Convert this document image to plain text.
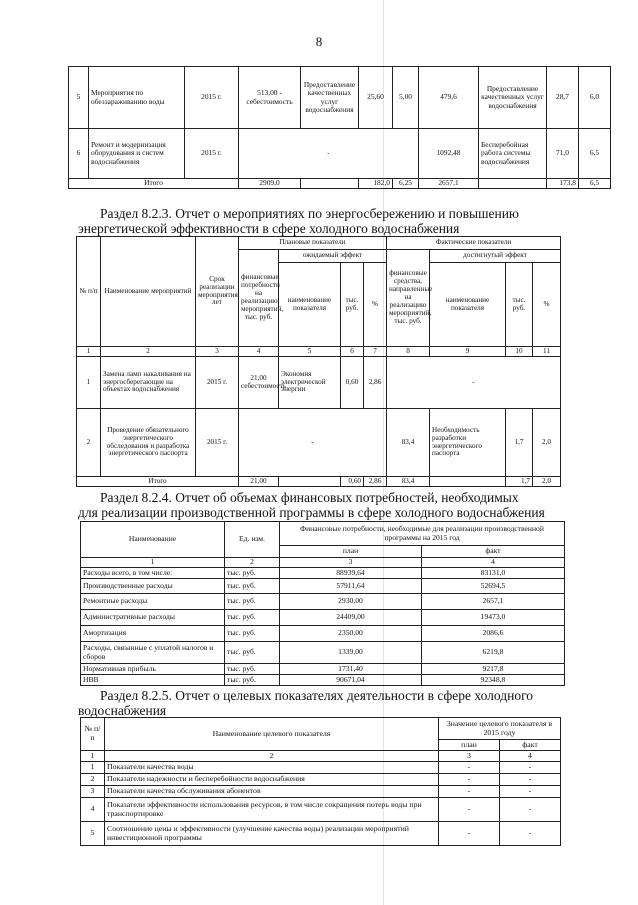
8
5	Мероприятия по обеззараживанию воды	2015 г.	513,00 - себестоимость	Предоставление качественных услуг водоснабжения	25,60	5,00	479,6	Предоставление качественных услуг водоснабжения	28,7	6,0
6	Ремонт и модернизация оборудования и систем водоснабжения	2015 г.	-				1092,48	Бесперебойная работа системы водоснабжения	71,0	6,5
Итого			2909,0		182,0	6,25	2657,1		173,8	6,5
Раздел 8.2.3. Отчет о мероприятиях по энергосбережению и повышению
энергетической эффективности в сфере холодного водоснабжения
№ п/п	Наименование мероприятий	Срок реализации мероприятия, лет	Плановые показатели				Фактические показатели			
			финансовые потребности на реализацию мероприятий, тыс. руб.	ожидаемый эффект			финансовые средства, направленные на реализацию мероприятий, тыс. руб.	достигнутый эффект		
				наименование показателя	тыс. руб.	%		наименование показателя	тыс. руб.	%
1	2	3	4	5	6	7	8	9	10	11
1	Замена ламп накаливания на энергосберегающие на объектах водоснабжения	2015 г.	21,00 себестоимость	Экономия электрической энергии	0,60	2,86	-			
2	Проведение обязательного энергетического обследования и разработка энергетического паспорта	2015 г.	-				83,4	Необходимость разработки энергетического паспорта	1,7	2,0
Итого			21,00		0,60	2,86	83,4		1,7	2,0
Раздел 8.2.4. Отчет об объемах финансовых потребностей, необходимых
для реализации производственной программы в сфере холодного водоснабжения
Наименование	Ед. изм.	Финансовые потребности, необходимые для реализации производственной программы на 2015 год	
		план	факт
1	2	3	4
Расходы всего, в том числе:	тыс. руб.	88939,64	83131,0
Производственные расходы	тыс. руб.	57911,64	52694,5
Ремонтные расходы	тыс. руб.	2930,00	2657,1
Административные расходы	тыс. руб.	24409,00	19473,0
Амортизация	тыс. руб.	2350,00	2086,6
Расходы, связанные с уплатой налогов и сборов	тыс. руб.	1339,00	6219,8
Нормативная прибыль	тыс. руб.	1731,40	9217,8
НВВ	тыс. руб.	90671,04	92348,8
Раздел 8.2.5. Отчет о целевых показателях деятельности в сфере холодного
водоснабжения
№ п/п	Наименование целевого показателя	Значение целевого показателя в 2015 году	
		план	факт
1	2	3	4
1	Показатели качества воды	-	-
2	Показатели надежности и бесперебойности водоснабжения	-	-
3	Показатели качества обслуживания абонентов	-	-
4	Показатели эффективности использования ресурсов, в том числе сокращения потерь воды при транспортировке	-	-
5	Соотношение цены и эффективности (улучшение качества воды) реализации мероприятий инвестиционной программы	-	-
